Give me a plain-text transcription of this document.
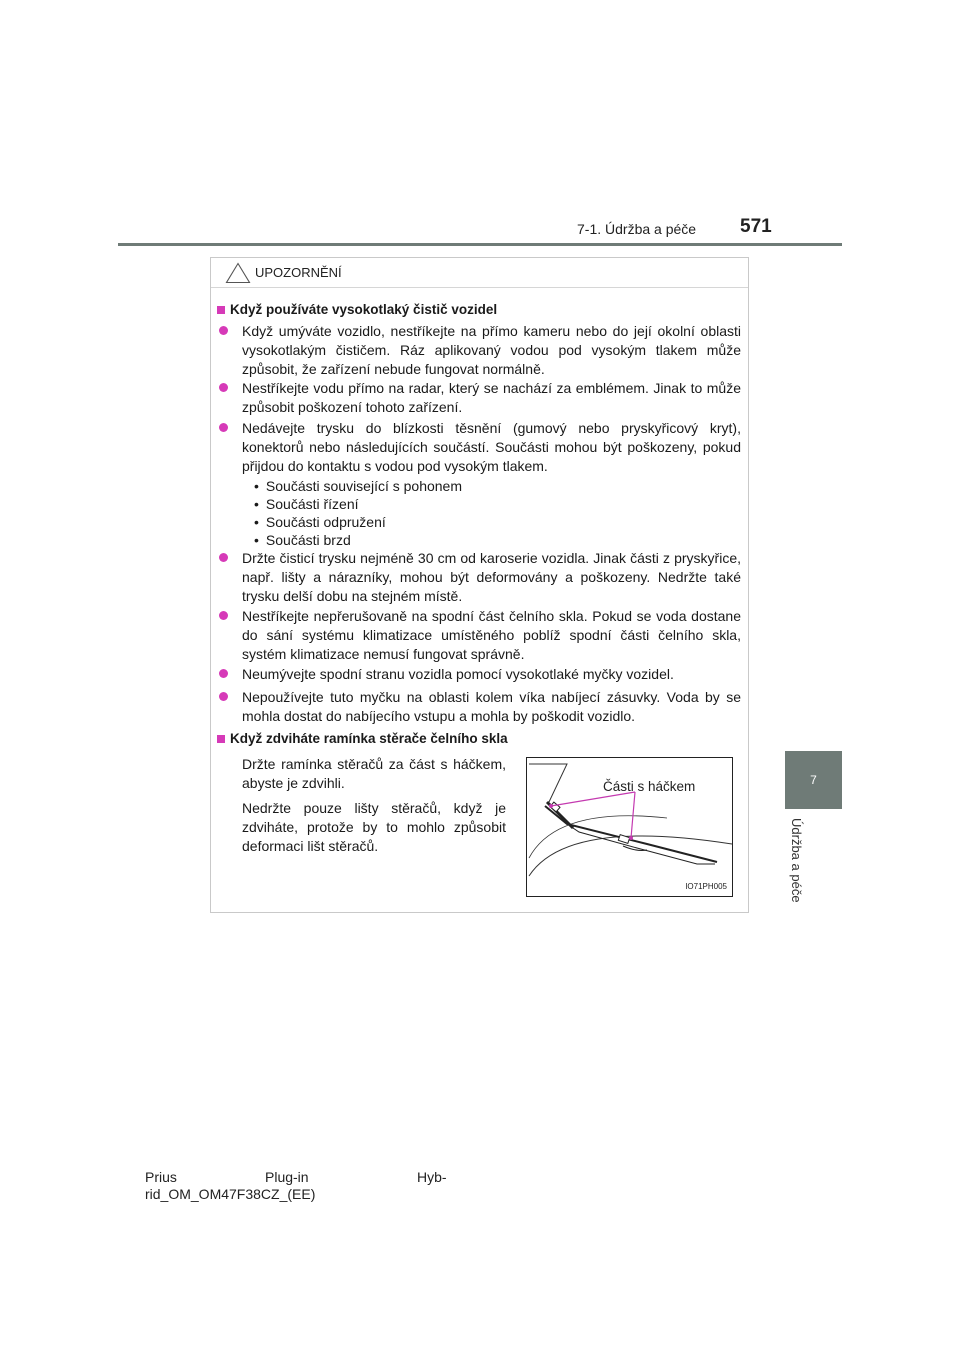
7-1. Údržba a péče 571
7
Údržba a péče
UPOZORNĚNÍ
Když používáte vysokotlaký čistič vozidel
Když umýváte vozidlo, nestříkejte na přímo kameru nebo do její okolní oblasti vysokotlakým čističem. Ráz aplikovaný vodou pod vysokým tlakem může způsobit, že zařízení nebude fungovat normálně.
Nestříkejte vodu přímo na radar, který se nachází za emblémem. Jinak to může způsobit poškození tohoto zařízení.
Nedávejte trysku do blízkosti těsnění (gumový nebo pryskyřicový kryt), konektorů nebo následujících součástí. Součásti mohou být poškozeny, pokud přijdou do kontaktu s vodou pod vysokým tlakem.
• Součásti související s pohonem
• Součásti řízení
• Součásti odpružení
• Součásti brzd
Držte čisticí trysku nejméně 30 cm od karoserie vozidla. Jinak části z pryskyřice, např. lišty a nárazníky, mohou být deformovány a poškozeny. Nedržte také trysku delší dobu na stejném místě.
Nestříkejte nepřerušovaně na spodní část čelního skla. Pokud se voda dostane do sání systému klimatizace umístěného poblíž spodní části čelního skla, systém klimatizace nemusí fungovat správně.
Neumývejte spodní stranu vozidla pomocí vysokotlaké myčky vozidel.
Nepoužívejte tuto myčku na oblasti kolem víka nabíjecí zásuvky. Voda by se mohla dostat do nabíjecího vstupu a mohla by poškodit vozidlo.
Když zdviháte ramínka stěrače čelního skla
Držte ramínka stěračů za část s háčkem, abyste je zdvihli.
Nedržte pouze lišty stěračů, když je zdviháte, protože by to mohlo způsobit deformaci lišt stěračů.
Části s háčkem
IO71PH005
Prius	Plug-in	Hyb-
rid_OM_OM47F38CZ_(EE)
